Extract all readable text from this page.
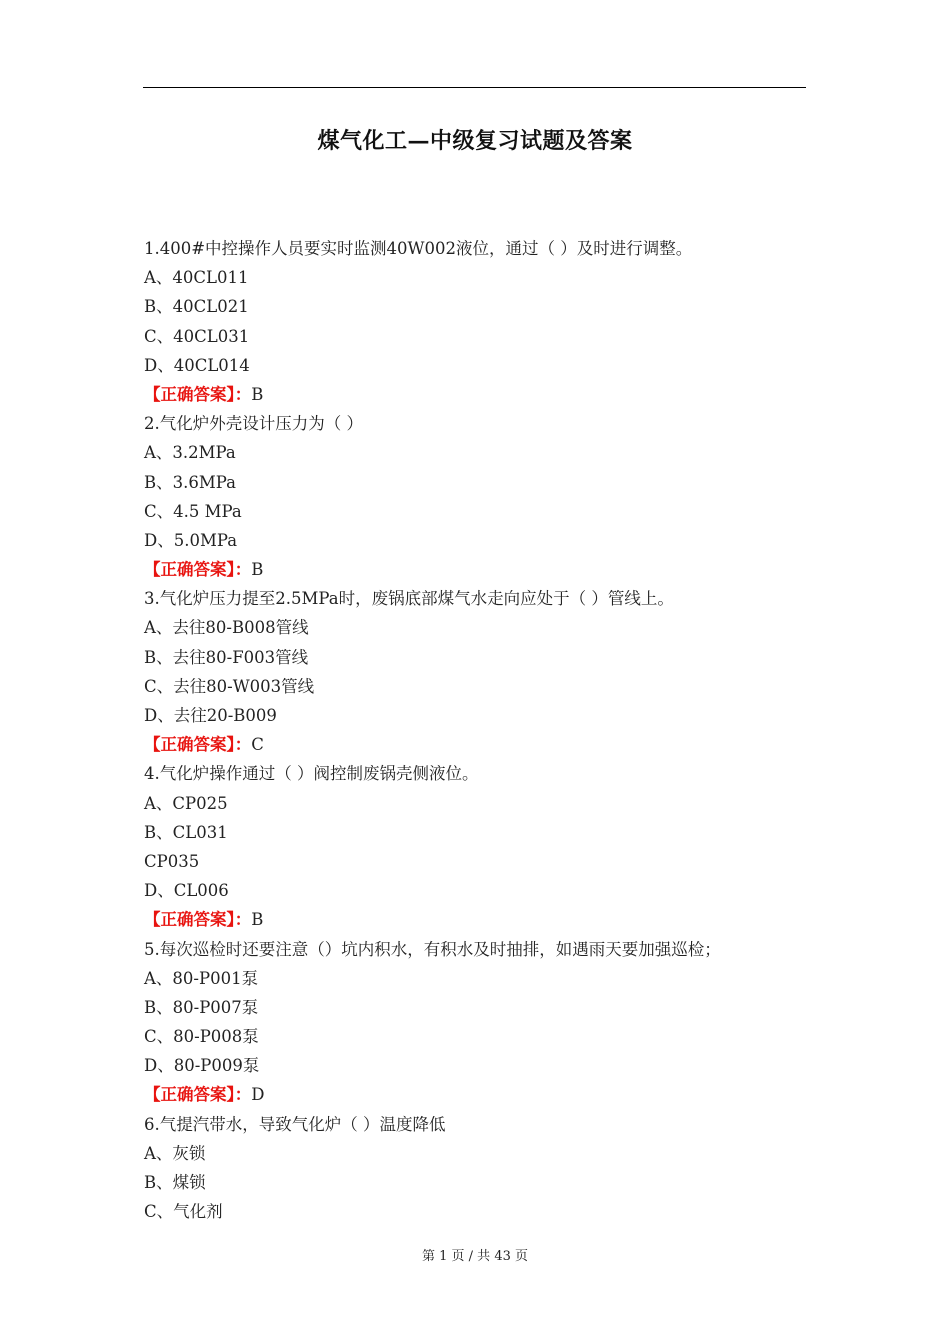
煤气化工—中级复习试题及答案
1.400#中控操作人员要实时监测40W002液位，通过（ ）及时进行调整。
A、40CL011
B、40CL021
C、40CL031
D、40CL014
【正确答案】：B
2.气化炉外壳设计压力为（ ）
A、3.2MPa
B、3.6MPa
C、4.5 MPa
D、5.0MPa
【正确答案】：B
3.气化炉压力提至2.5MPa时，废锅底部煤气水走向应处于（ ）管线上。
A、去往80-B008管线
B、去往80-F003管线
C、去往80-W003管线
D、去往20-B009
【正确答案】：C
4.气化炉操作通过（ ）阀控制废锅壳侧液位。
A、CP025
B、CL031
CP035
D、CL006
【正确答案】：B
5.每次巡检时还要注意（）坑内积水，有积水及时抽排，如遇雨天要加强巡检；
A、80-P001泵
B、80-P007泵
C、80-P008泵
D、80-P009泵
【正确答案】：D
6.气提汽带水，导致气化炉（ ）温度降低
A、灰锁
B、煤锁
C、气化剂
第 1 页 / 共 43 页
